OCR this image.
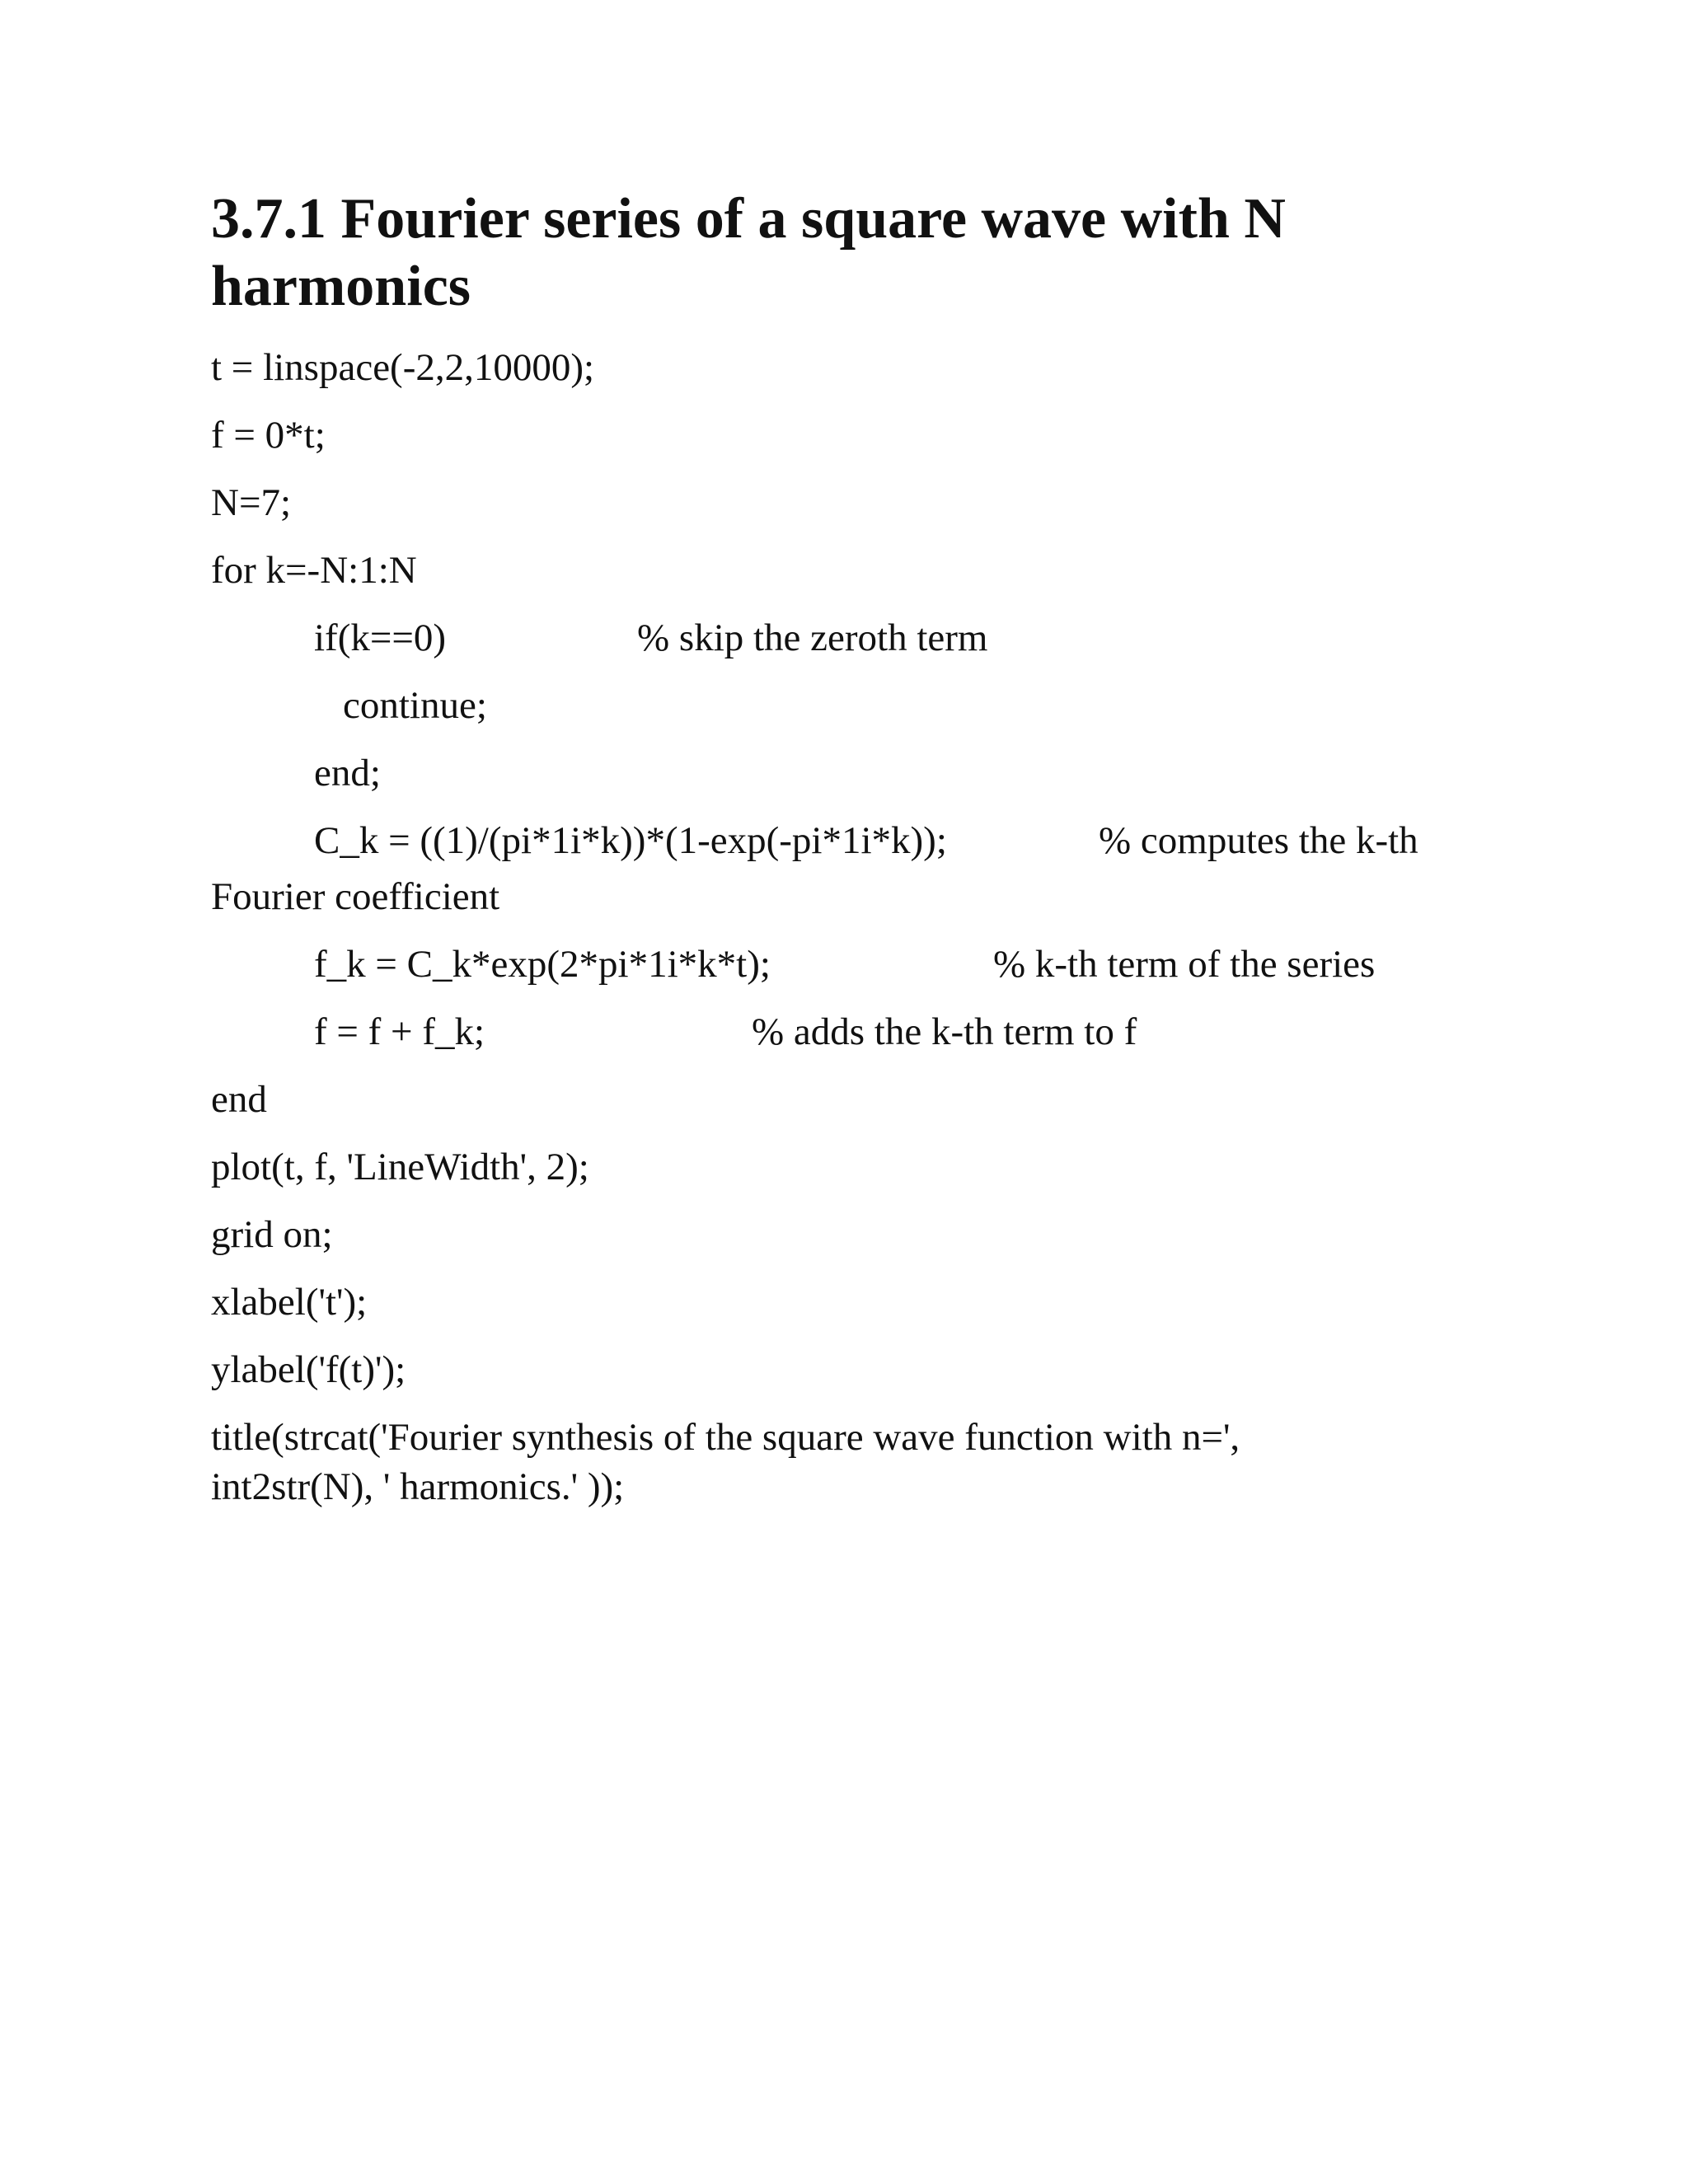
3.7.1 Fourier series of a square wave with N harmonics
t = linspace(-2,2,10000);
f = 0*t;
N=7;
for k=-N:1:N
if(k==0)	% skip the zeroth term
continue;
end;
C_k = ((1)/(pi*1i*k))*(1-exp(-pi*1i*k));	% computes the k-th
Fourier coefficient
f_k = C_k*exp(2*pi*1i*k*t);	% k-th term of the series
f = f + f_k;	% adds the k-th term to f
end
plot(t, f, 'LineWidth', 2);
grid on;
xlabel('t');
ylabel('f(t)');
title(strcat('Fourier synthesis of the square wave function with n=', int2str(N), ' harmonics.' ));
